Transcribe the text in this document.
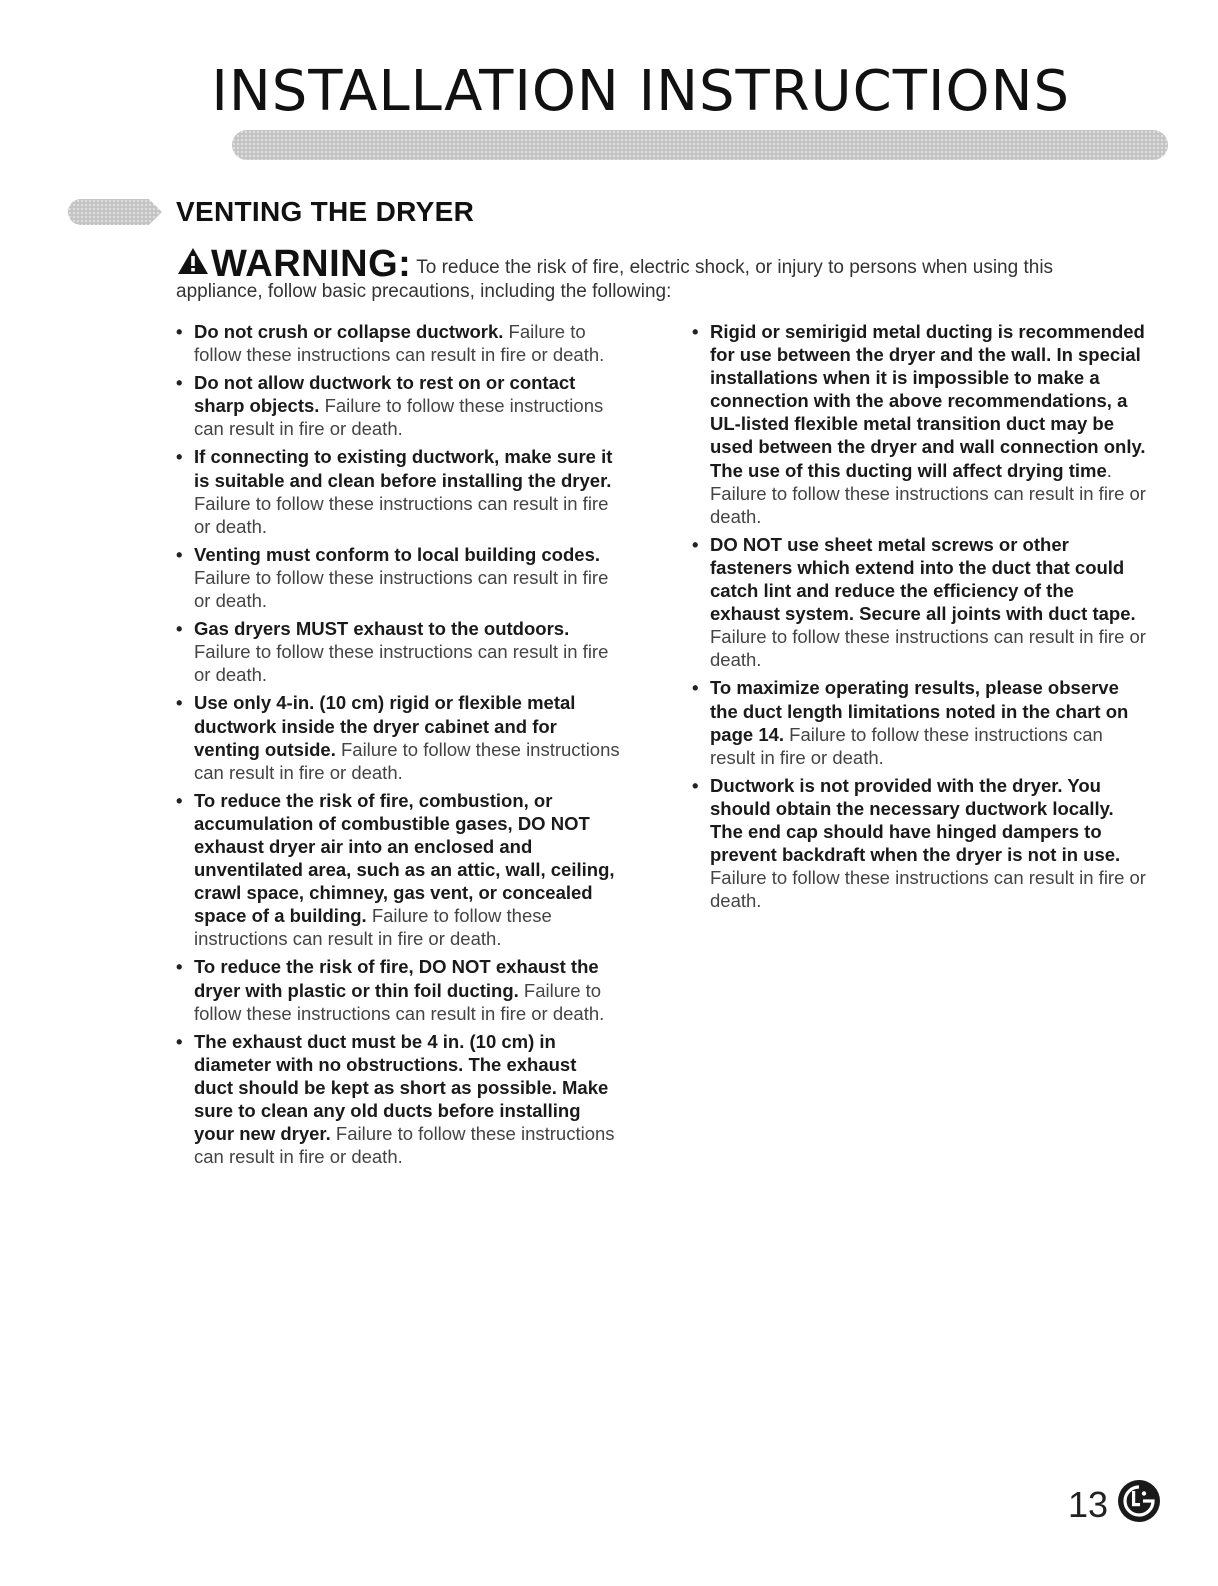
INSTALLATION INSTRUCTIONS
VENTING THE DRYER
WARNING: To reduce the risk of fire, electric shock, or injury to persons when using this appliance, follow basic precautions, including the following:
• Do not crush or collapse ductwork. Failure to follow these instructions can result in fire or death.
• Do not allow ductwork to rest on or contact sharp objects. Failure to follow these instructions can result in fire or death.
• If connecting to existing ductwork, make sure it is suitable and clean before installing the dryer. Failure to follow these instructions can result in fire or death.
• Venting must conform to local building codes. Failure to follow these instructions can result in fire or death.
• Gas dryers MUST exhaust to the outdoors. Failure to follow these instructions can result in fire or death.
• Use only 4-in. (10 cm) rigid or flexible metal ductwork inside the dryer cabinet and for venting outside. Failure to follow these instructions can result in fire or death.
• To reduce the risk of fire, combustion, or accumulation of combustible gases, DO NOT exhaust dryer air into an enclosed and unventilated area, such as an attic, wall, ceiling, crawl space, chimney, gas vent, or concealed space of a building. Failure to follow these instructions can result in fire or death.
• To reduce the risk of fire, DO NOT exhaust the dryer with plastic or thin foil ducting. Failure to follow these instructions can result in fire or death.
• The exhaust duct must be 4 in. (10 cm) in diameter with no obstructions. The exhaust duct should be kept as short as possible. Make sure to clean any old ducts before installing your new dryer. Failure to follow these instructions can result in fire or death.
• Rigid or semirigid metal ducting is recommended for use between the dryer and the wall. In special installations when it is impossible to make a connection with the above recommendations, a UL-listed flexible metal transition duct may be used between the dryer and wall connection only. The use of this ducting will affect drying time. Failure to follow these instructions can result in fire or death.
• DO NOT use sheet metal screws or other fasteners which extend into the duct that could catch lint and reduce the efficiency of the exhaust system. Secure all joints with duct tape. Failure to follow these instructions can result in fire or death.
• To maximize operating results, please observe the duct length limitations noted in the chart on page 14. Failure to follow these instructions can result in fire or death.
• Ductwork is not provided with the dryer. You should obtain the necessary ductwork locally. The end cap should have hinged dampers to prevent backdraft when the dryer is not in use. Failure to follow these instructions can result in fire or death.
13
